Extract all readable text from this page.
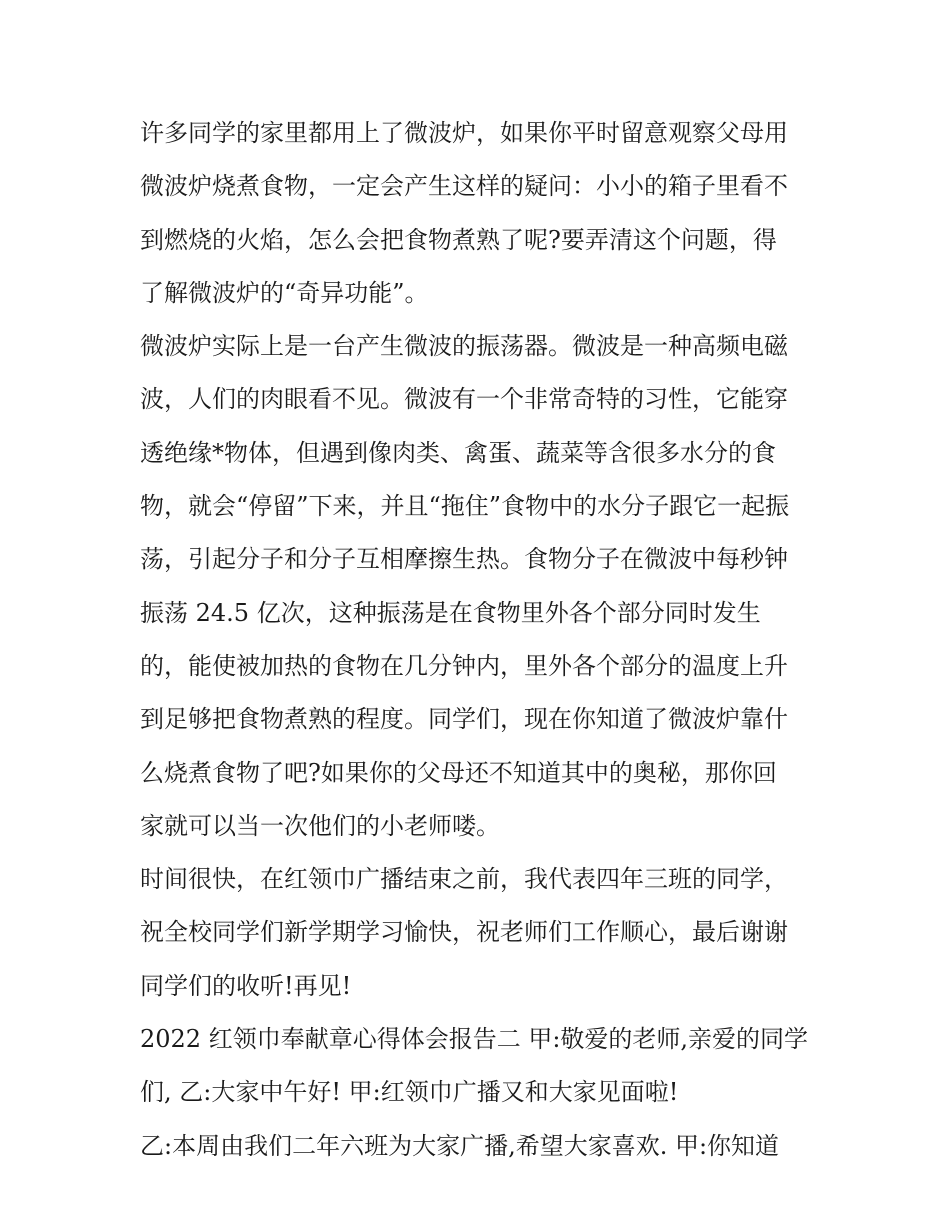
许多同学的家里都用上了微波炉，如果你平时留意观察父母用
微波炉烧煮食物，一定会产生这样的疑问：小小的箱子里看不
到燃烧的火焰，怎么会把食物煮熟了呢?要弄清这个问题，得
了解微波炉的“奇异功能”。
微波炉实际上是一台产生微波的振荡器。微波是一种高频电磁
波，人们的肉眼看不见。微波有一个非常奇特的习性，它能穿
透绝缘*物体，但遇到像肉类、禽蛋、蔬菜等含很多水分的食
物，就会“停留”下来，并且“拖住”食物中的水分子跟它一起振
荡，引起分子和分子互相摩擦生热。食物分子在微波中每秒钟
振荡 24.5 亿次，这种振荡是在食物里外各个部分同时发生
的，能使被加热的食物在几分钟内，里外各个部分的温度上升
到足够把食物煮熟的程度。同学们，现在你知道了微波炉靠什
么烧煮食物了吧?如果你的父母还不知道其中的奥秘，那你回
家就可以当一次他们的小老师喽。
时间很快，在红领巾广播结束之前，我代表四年三班的同学，
祝全校同学们新学期学习愉快，祝老师们工作顺心，最后谢谢
同学们的收听!再见!
2022 红领巾奉献章心得体会报告二 甲:敬爱的老师,亲爱的同学
们, 乙:大家中午好! 甲:红领巾广播又和大家见面啦!
乙:本周由我们二年六班为大家广播,希望大家喜欢. 甲:你知道
